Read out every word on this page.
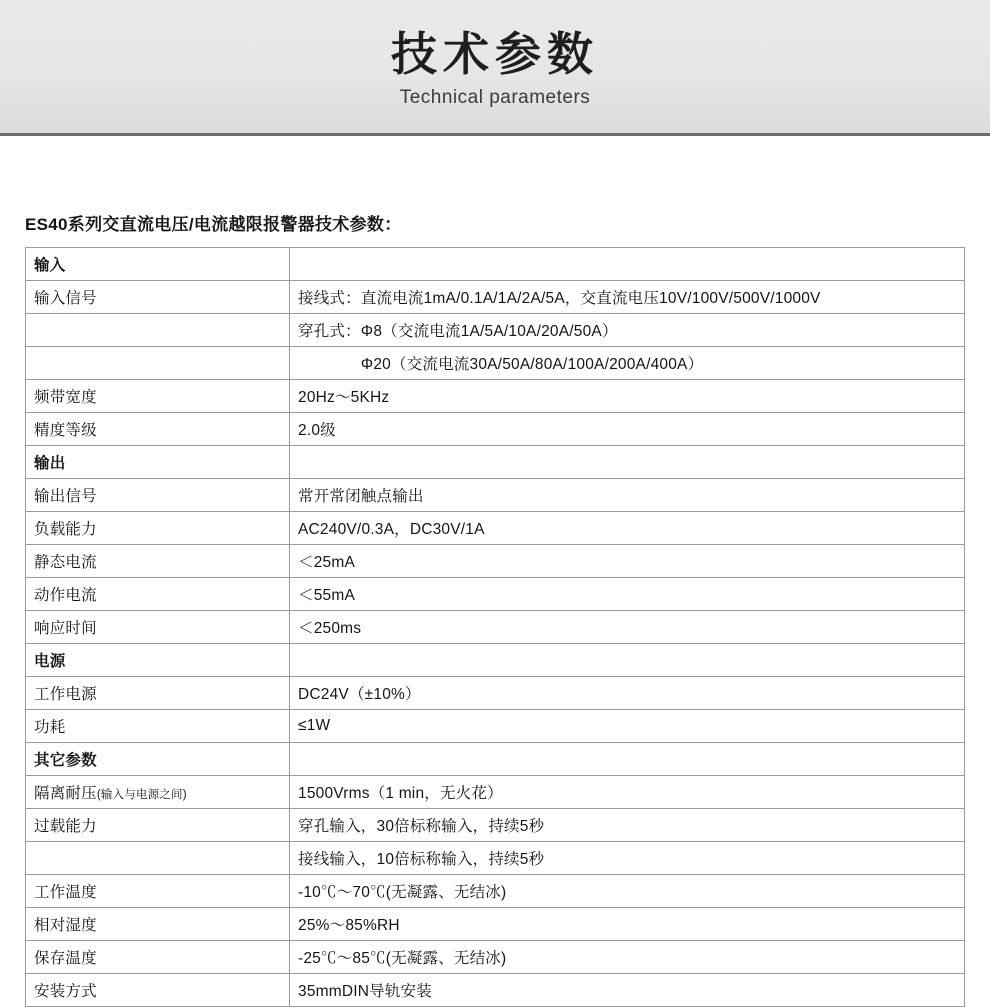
技术参数
Technical parameters
ES40系列交直流电压/电流越限报警器技术参数：
输入	
输入信号	接线式：直流电流1mA/0.1A/1A/2A/5A，交直流电压10V/100V/500V/1000V
	穿孔式：Φ8（交流电流1A/5A/10A/20A/50A）
	　　　　Φ20（交流电流30A/50A/80A/100A/200A/400A）
频带宽度	20Hz～5KHz
精度等级	2.0级
输出	
输出信号	常开常闭触点输出
负载能力	AC240V/0.3A，DC30V/1A
静态电流	＜25mA
动作电流	＜55mA
响应时间	＜250ms
电源	
工作电源	DC24V（±10%）
功耗	≤1W
其它参数	
隔离耐压(输入与电源之间)	1500Vrms（1 min，无火花）
过载能力	穿孔输入，30倍标称输入，持续5秒
	接线输入，10倍标称输入，持续5秒
工作温度	-10℃～70℃(无凝露、无结冰)
相对湿度	25%～85%RH
保存温度	-25℃～85℃(无凝露、无结冰)
安装方式	35mmDIN导轨安装
